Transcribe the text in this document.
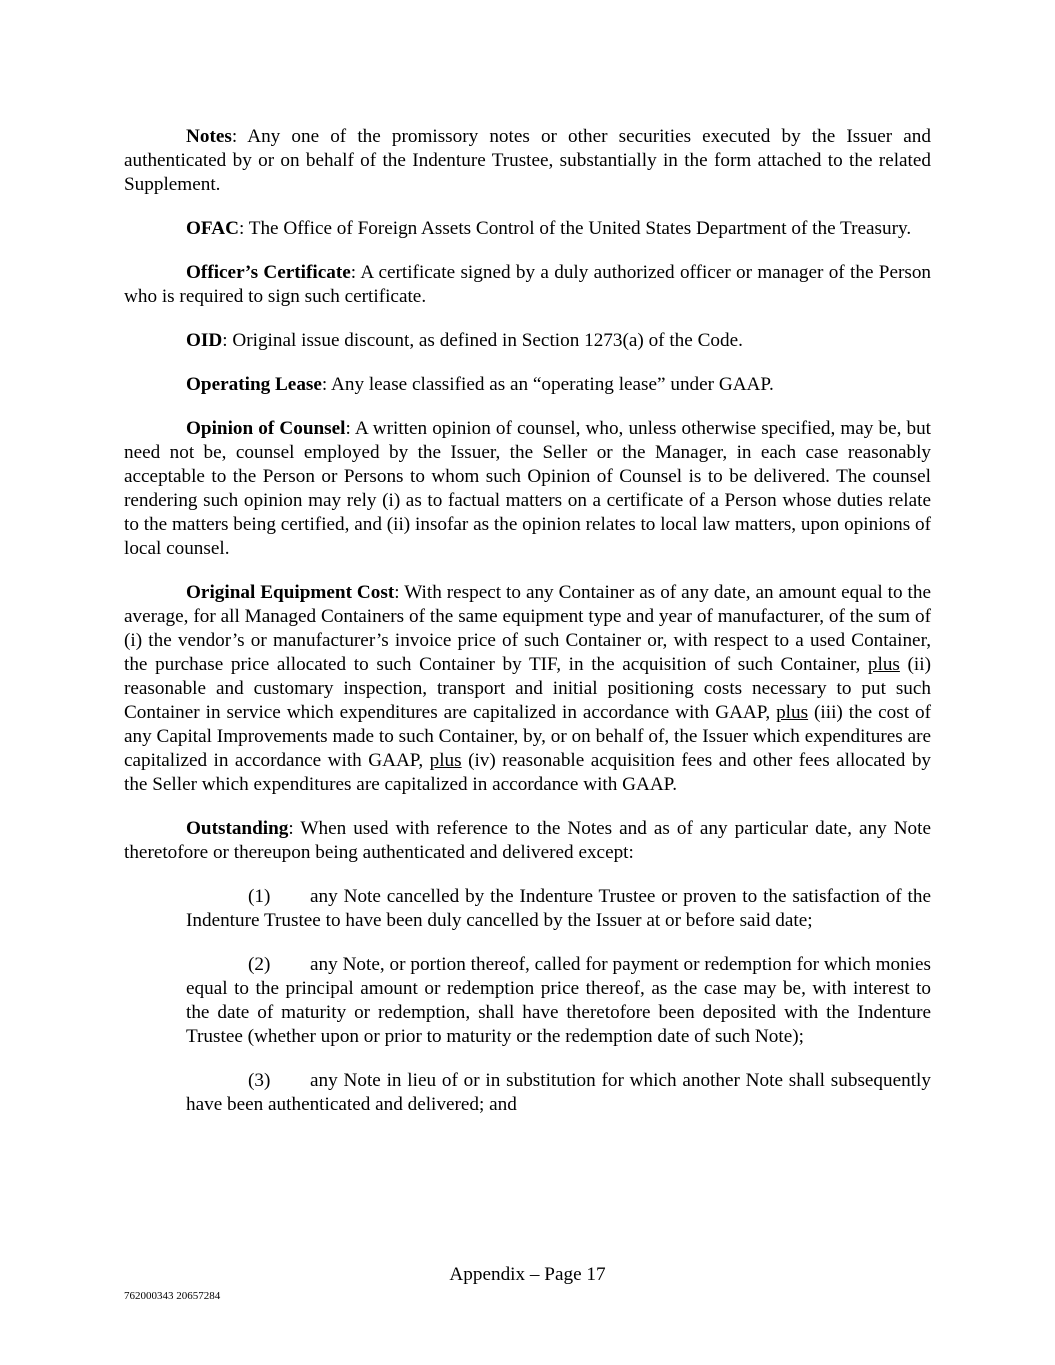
Notes: Any one of the promissory notes or other securities executed by the Issuer and authenticated by or on behalf of the Indenture Trustee, substantially in the form attached to the related Supplement.

OFAC: The Office of Foreign Assets Control of the United States Department of the Treasury.

Officer’s Certificate: A certificate signed by a duly authorized officer or manager of the Person who is required to sign such certificate.

OID: Original issue discount, as defined in Section 1273(a) of the Code.

Operating Lease: Any lease classified as an “operating lease” under GAAP.

Opinion of Counsel: A written opinion of counsel, who, unless otherwise specified, may be, but need not be, counsel employed by the Issuer, the Seller or the Manager, in each case reasonably acceptable to the Person or Persons to whom such Opinion of Counsel is to be delivered. The counsel rendering such opinion may rely (i) as to factual matters on a certificate of a Person whose duties relate to the matters being certified, and (ii) insofar as the opinion relates to local law matters, upon opinions of local counsel.

Original Equipment Cost: With respect to any Container as of any date, an amount equal to the average, for all Managed Containers of the same equipment type and year of manufacturer, of the sum of (i) the vendor’s or manufacturer’s invoice price of such Container or, with respect to a used Container, the purchase price allocated to such Container by TIF, in the acquisition of such Container, plus (ii) reasonable and customary inspection, transport and initial positioning costs necessary to put such Container in service which expenditures are capitalized in accordance with GAAP, plus (iii) the cost of any Capital Improvements made to such Container, by, or on behalf of, the Issuer which expenditures are capitalized in accordance with GAAP, plus (iv) reasonable acquisition fees and other fees allocated by the Seller which expenditures are capitalized in accordance with GAAP.

Outstanding: When used with reference to the Notes and as of any particular date, any Note theretofore or thereupon being authenticated and delivered except:

(1) any Note cancelled by the Indenture Trustee or proven to the satisfaction of the Indenture Trustee to have been duly cancelled by the Issuer at or before said date;

(2) any Note, or portion thereof, called for payment or redemption for which monies equal to the principal amount or redemption price thereof, as the case may be, with interest to the date of maturity or redemption, shall have theretofore been deposited with the Indenture Trustee (whether upon or prior to maturity or the redemption date of such Note);

(3) any Note in lieu of or in substitution for which another Note shall subsequently have been authenticated and delivered; and

Appendix – Page 17
762000343 20657284
